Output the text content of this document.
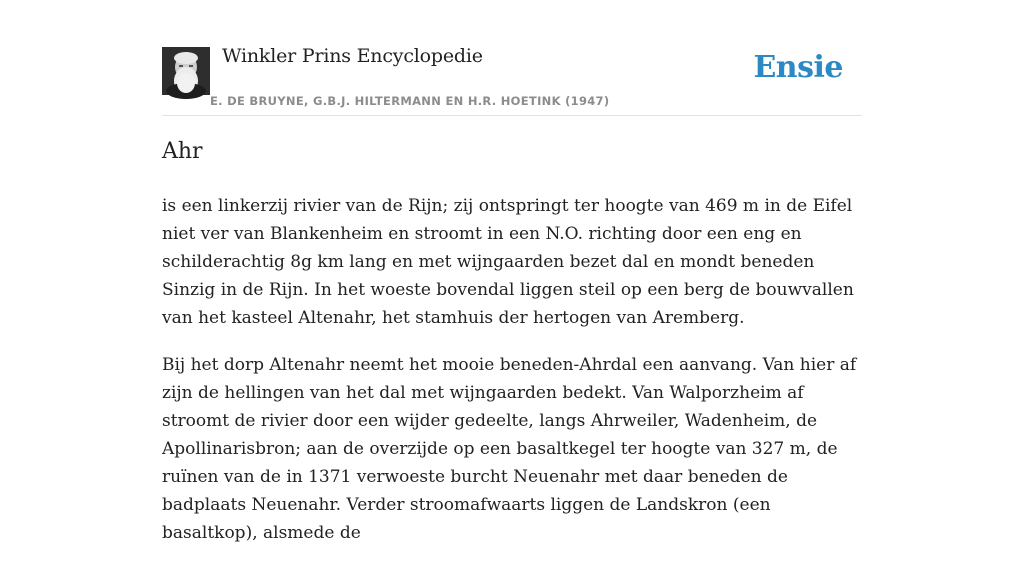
Winkler Prins Encyclopedie
E. DE BRUYNE, G.B.J. HILTERMANN EN H.R. HOETINK (1947)
Ensie
Ahr

is een linkerzij rivier van de Rijn; zij ontspringt ter hoogte van 469 m in de Eifel niet ver van Blankenheim en stroomt in een N.O. richting door een eng en schilderachtig 8g km lang en met wijngaarden bezet dal en mondt beneden Sinzig in de Rijn. In het woeste bovendal liggen steil op een berg de bouwvallen van het kasteel Altenahr, het stamhuis der hertogen van Aremberg.

Bij het dorp Altenahr neemt het mooie beneden-Ahrdal een aanvang. Van hier af zijn de hellingen van het dal met wijngaarden bedekt. Van Walporzheim af stroomt de rivier door een wijder gedeelte, langs Ahrweiler, Wadenheim, de Apollinarisbron; aan de overzijde op een basaltkegel ter hoogte van 327 m, de ruïnen van de in 1371 verwoeste burcht Neuenahr met daar beneden de badplaats Neuenahr. Verder stroomafwaarts liggen de Landskron (een basaltkop), alsmede de
